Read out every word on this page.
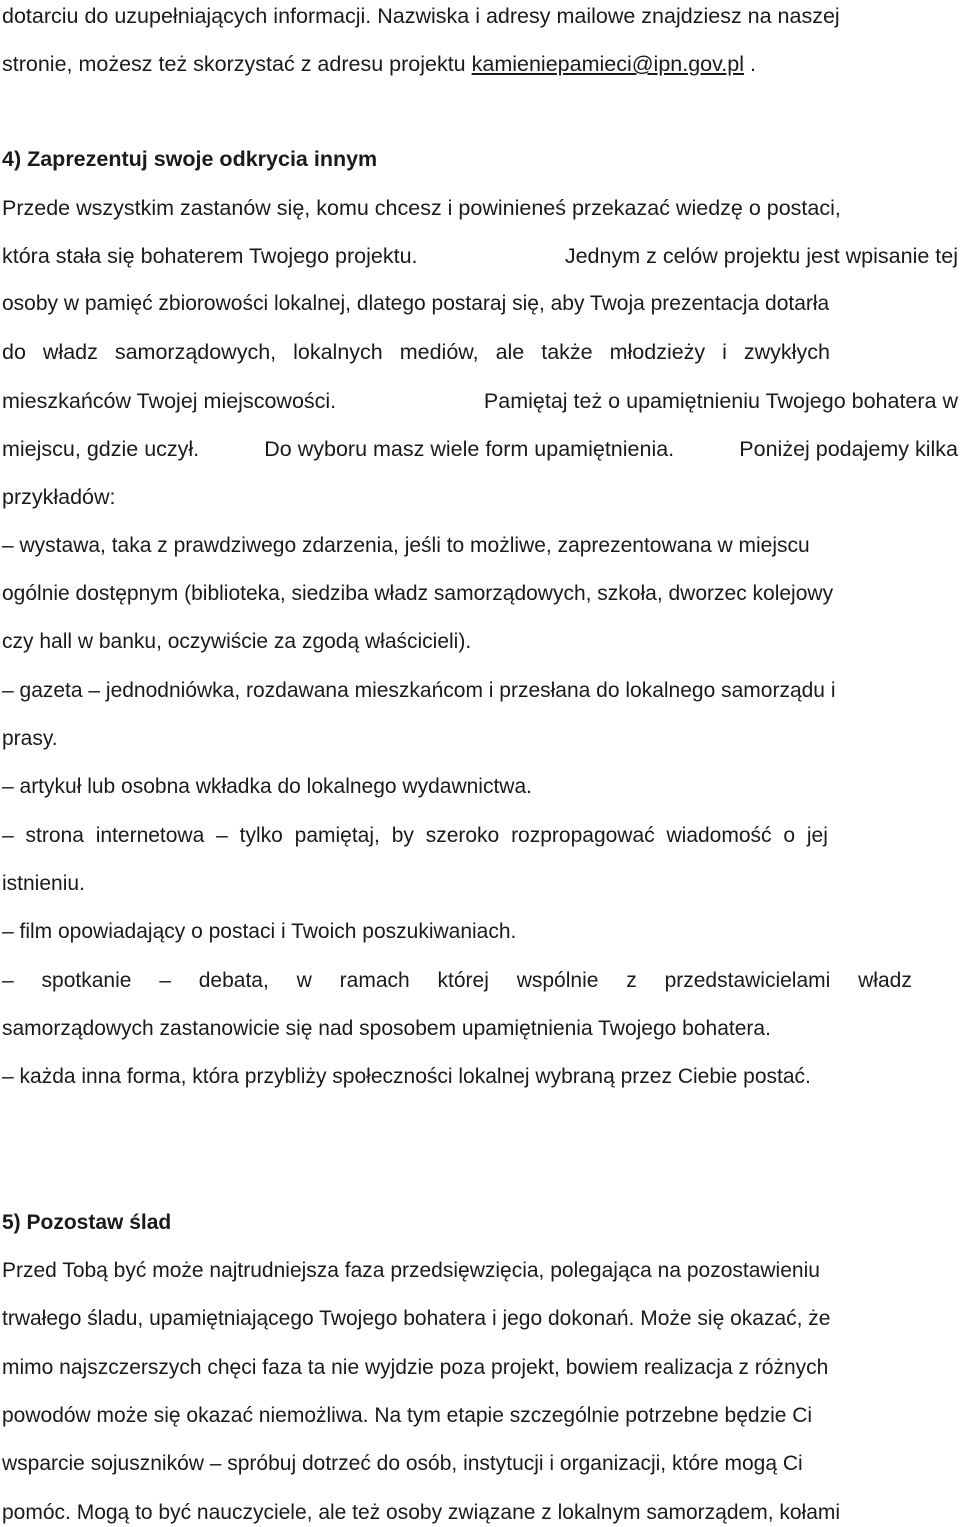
dotarciu do uzupełniających informacji. Nazwiska i adresy mailowe znajdziesz na naszej
stronie, możesz też skorzystać z adresu projektu kamieniepamieci@ipn.gov.pl .
4) Zaprezentuj swoje odkrycia innym
Przede wszystkim zastanów się, komu chcesz i powinieneś przekazać wiedzę o postaci,
która stała się bohaterem Twojego projektu.	Jednym z celów projektu jest wpisanie tej
osoby w pamięć zbiorowości lokalnej, dlatego postaraj się, aby Twoja prezentacja dotarła
do władz samorządowych, lokalnych mediów, ale także młodzieży i zwykłych
mieszkańców Twojej miejscowości.	Pamiętaj też o upamiętnieniu Twojego bohatera w
miejscu, gdzie uczył.	Do wyboru masz wiele form upamiętnienia.	Poniżej podajemy kilka
przykładów:
– wystawa, taka z prawdziwego zdarzenia, jeśli to możliwe, zaprezentowana w miejscu
ogólnie dostępnym (biblioteka, siedziba władz samorządowych, szkoła, dworzec kolejowy
czy hall w banku, oczywiście za zgodą właścicieli).
– gazeta – jednodniówka, rozdawana mieszkańcom i przesłana do lokalnego samorządu i
prasy.
– artykuł lub osobna wkładka do lokalnego wydawnictwa.
– strona internetowa – tylko pamiętaj, by szeroko rozpropagować wiadomość o jej
istnieniu.
– film opowiadający o postaci i Twoich poszukiwaniach.
– spotkanie – debata, w ramach której wspólnie z przedstawicielami władz
samorządowych zastanowicie się nad sposobem upamiętnienia Twojego bohatera.
– każda inna forma, która przybliży społeczności lokalnej wybraną przez Ciebie postać.
5) Pozostaw ślad
Przed Tobą być może najtrudniejsza faza przedsięwzięcia, polegająca na pozostawieniu
trwałego śladu, upamiętniającego Twojego bohatera i jego dokonań. Może się okazać, że
mimo najszczerszych chęci faza ta nie wyjdzie poza projekt, bowiem realizacja z różnych
powodów może się okazać niemożliwa. Na tym etapie szczególnie potrzebne będzie Ci
wsparcie sojuszników – spróbuj dotrzeć do osób, instytucji i organizacji, które mogą Ci
pomóc. Mogą to być nauczyciele, ale też osoby związane z lokalnym samorządem, kołami
